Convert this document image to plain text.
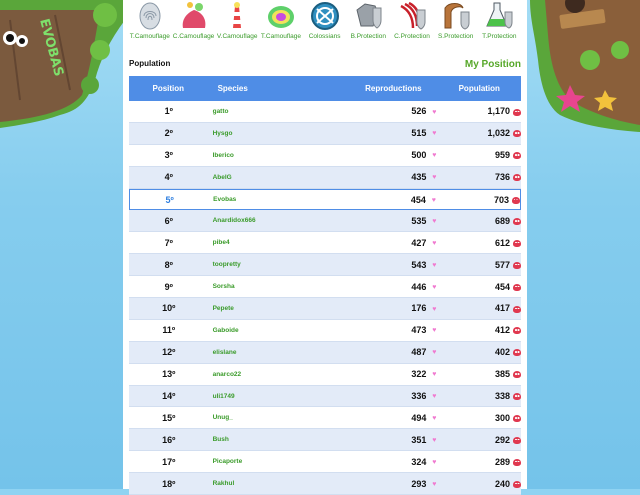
EVOBAS	T.Camouflage C.Camouflage V.Camouflage T.Camouflage Colossians B.Protection C.Protection S.Protection T.Protection
Population	My Position
Position	Species	Reproductions	Population
1º	gatto	526 ♥	1,170
2º	Hysgo	515 ♥	1,032
3º	Iberico	500 ♥	959
4º	AbelG	435 ♥	736
5º	Evobas	454 ♥	703
6º	Anardidox666	535 ♥	689
7º	pibe4	427 ♥	612
8º	toopretty	543 ♥	577
9º	Sorsha	446 ♥	454
10º	Pepete	176 ♥	417
11º	Gaboide	473 ♥	412
12º	elislane	487 ♥	402
13º	anarco22	322 ♥	385
14º	uli1749	336 ♥	338
15º	Unug_	494 ♥	300
16º	Bush	351 ♥	292
17º	Picaporte	324 ♥	289
18º	Rakhul	293 ♥	240
